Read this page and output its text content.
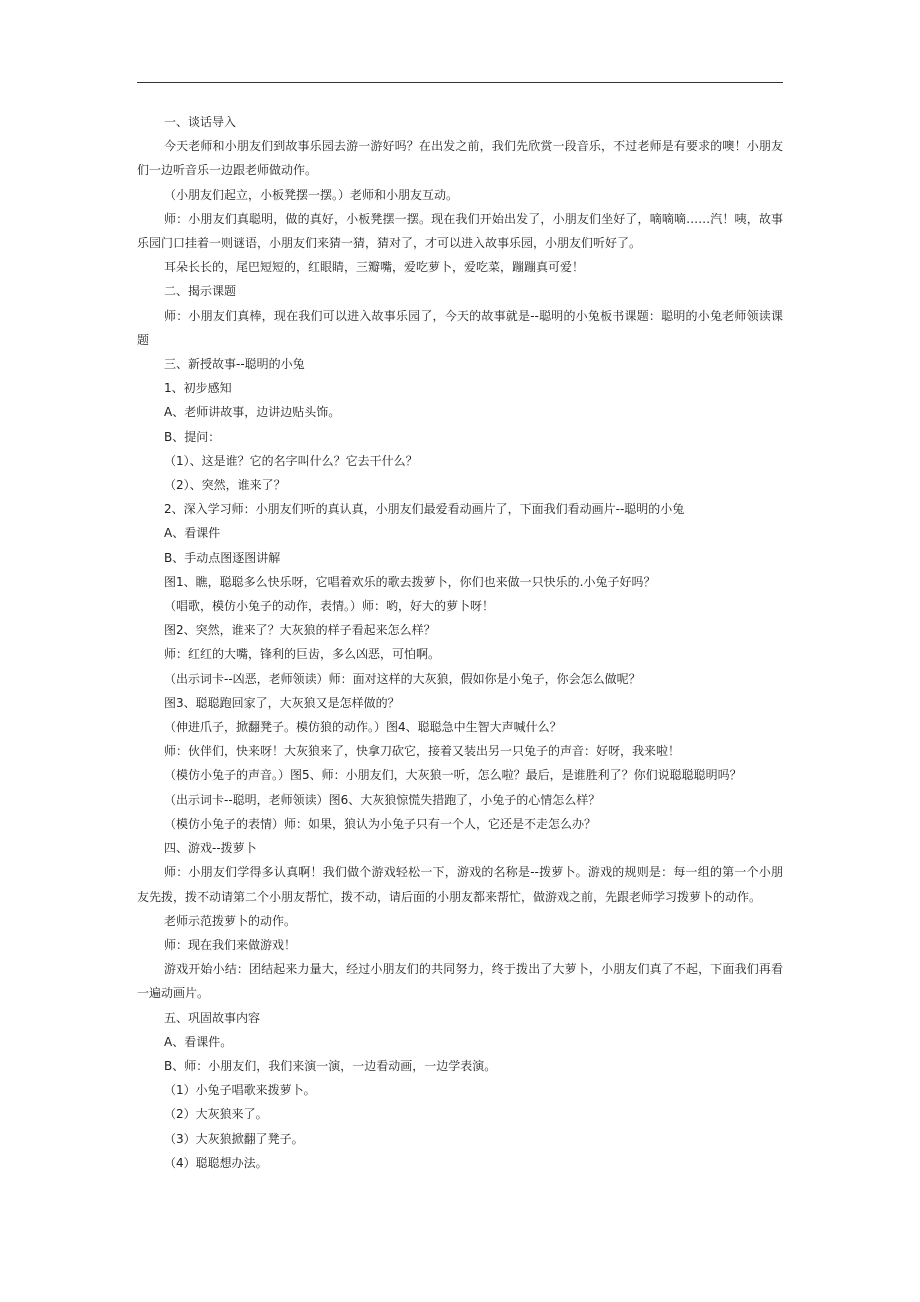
一、谈话导入

今天老师和小朋友们到故事乐园去游一游好吗？在出发之前，我们先欣赏一段音乐，不过老师是有要求的噢！小朋友们一边听音乐一边跟老师做动作。

（小朋友们起立，小板凳摆一摆。）老师和小朋友互动。

师：小朋友们真聪明，做的真好，小板凳摆一摆。现在我们开始出发了，小朋友们坐好了，嘀嘀嘀……汽！咦，故事乐园门口挂着一则谜语，小朋友们来猜一猜，猜对了，才可以进入故事乐园，小朋友们听好了。

耳朵长长的，尾巴短短的，红眼睛，三瓣嘴，爱吃萝卜，爱吃菜，蹦蹦真可爱！

二、揭示课题

师：小朋友们真棒，现在我们可以进入故事乐园了，今天的故事就是--聪明的小兔板书课题：聪明的小兔老师领读课题

三、新授故事--聪明的小兔

1、初步感知

A、老师讲故事，边讲边贴头饰。

B、提问：

（1）、这是谁？它的名字叫什么？它去干什么？

（2）、突然，谁来了？

2、深入学习师：小朋友们听的真认真，小朋友们最爱看动画片了，下面我们看动画片--聪明的小兔

A、看课件

B、手动点图逐图讲解

图1、瞧，聪聪多么快乐呀，它唱着欢乐的歌去拨萝卜，你们也来做一只快乐的.小兔子好吗？

（唱歌，模仿小兔子的动作，表情。）师：哟，好大的萝卜呀！

图2、突然，谁来了？大灰狼的样子看起来怎么样？

师：红红的大嘴，锋利的巨齿，多么凶恶，可怕啊。

（出示词卡--凶恶，老师领读）师：面对这样的大灰狼，假如你是小兔子，你会怎么做呢？

图3、聪聪跑回家了，大灰狼又是怎样做的？

（伸进爪子，掀翻凳子。模仿狼的动作。）图4、聪聪急中生智大声喊什么？

师：伙伴们，快来呀！大灰狼来了，快拿刀砍它，接着又装出另一只兔子的声音：好呀，我来啦！

（模仿小兔子的声音。）图5、师：小朋友们，大灰狼一听，怎么啦？最后，是谁胜利了？你们说聪聪聪明吗？

（出示词卡--聪明，老师领读）图6、大灰狼惊慌失措跑了，小兔子的心情怎么样？

（模仿小兔子的表情）师：如果，狼认为小兔子只有一个人，它还是不走怎么办？

四、游戏--拨萝卜

师：小朋友们学得多认真啊！我们做个游戏轻松一下，游戏的名称是--拨萝卜。游戏的规则是：每一组的第一个小朋友先拨，拨不动请第二个小朋友帮忙，拨不动，请后面的小朋友都来帮忙，做游戏之前，先跟老师学习拨萝卜的动作。

老师示范拨萝卜的动作。

师：现在我们来做游戏！

游戏开始小结：团结起来力量大，经过小朋友们的共同努力，终于拨出了大萝卜，小朋友们真了不起，下面我们再看一遍动画片。

五、巩固故事内容

A、看课件。

B、师：小朋友们，我们来演一演，一边看动画，一边学表演。

（1）小兔子唱歌来拨萝卜。

（2）大灰狼来了。

（3）大灰狼掀翻了凳子。

（4）聪聪想办法。
